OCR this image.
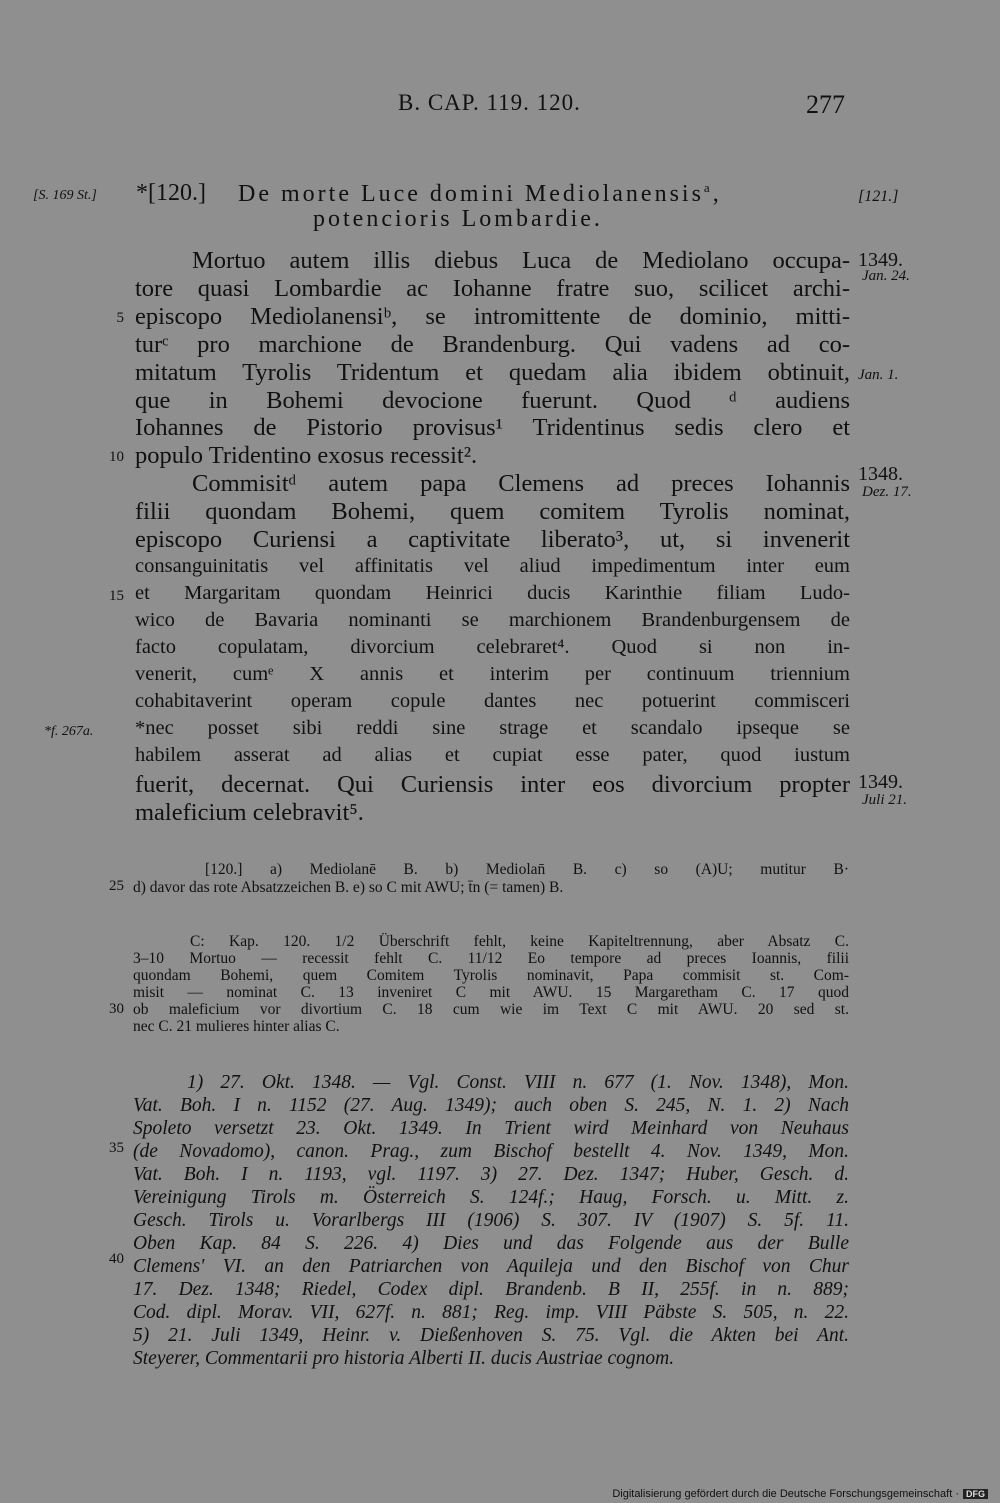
B. CAP. 119. 120.	277
[S. 169 St.] *[120.] De morte Luce domini Mediolanensis$^a$,	[121.]
potencioris Lombardie.
Mortuo autem illis diebus Luca de Mediolano occupa-
tore quasi Lombardie ac Iohanne fratre suo, scilicet archi-
episcopo Mediolanensiᵇ, se intromittente de dominio, mitti-
turᶜ pro marchione de Brandenburg. Qui vadens ad co-
mitatum Tyrolis Tridentum et quedam alia ibidem obtinuit,
que in Bohemi devocione fuerunt. Quod ᵈ audiens
Iohannes de Pistorio provisus¹ Tridentinus sedis clero et
populo Tridentino exosus recessit².
Commisitᵈ autem papa Clemens ad preces Iohannis
filii quondam Bohemi, quem comitem Tyrolis nominat,
episcopo Curiensi a captivitate liberato³, ut, si invenerit
consanguinitatis vel affinitatis vel aliud impedimentum inter eum
et Margaritam quondam Heinrici ducis Karinthie filiam Ludo-
wico de Bavaria nominanti se marchionem Brandenburgensem de
facto copulatam, divorcium celebraret⁴. Quod si non in-
venerit, cumᵉ X annis et interim per continuum triennium
cohabitaverint operam copule dantes nec potuerint commisceri
*nec posset sibi reddi sine strage et scandalo ipseque se
habilem asserat ad alias et cupiat esse pater, quod iustum
fuerit, decernat. Qui Curiensis inter eos divorcium propter
maleficium celebravit⁵.
5
10
15
25
30
35
40
*f. 267a.
1349.
Jan. 24.
Jan. 1.
1348.
Dez. 17.
1349.
Juli 21.
[120.] a) Mediolanē B. b) Mediolan̄ B. c) so (A)U; mutitur B·
d) davor das rote Absatzzeichen B. e) so C mit AWU; t̄n (= tamen) B.
C: Kap. 120. 1/2 Überschrift fehlt, keine Kapiteltrennung, aber Absatz C.
3–10 Mortuo — recessit fehlt C. 11/12 Eo tempore ad preces Ioannis, filii
quondam Bohemi, quem Comitem Tyrolis nominavit, Papa commisit st. Com-
misit — nominat C. 13 inveniret C mit AWU. 15 Margaretham C. 17 quod
ob maleficium vor divortium C. 18 cum wie im Text C mit AWU. 20 sed st.
nec C. 21 mulieres hinter alias C.
1) 27. Okt. 1348. — Vgl. Const. VIII n. 677 (1. Nov. 1348), Mon.
Vat. Boh. I n. 1152 (27. Aug. 1349); auch oben S. 245, N. 1. 2) Nach
Spoleto versetzt 23. Okt. 1349. In Trient wird Meinhard von Neuhaus
(de Novadomo), canon. Prag., zum Bischof bestellt 4. Nov. 1349, Mon.
Vat. Boh. I n. 1193, vgl. 1197. 3) 27. Dez. 1347; Huber, Gesch. d.
Vereinigung Tirols m. Österreich S. 124f.; Haug, Forsch. u. Mitt. z.
Gesch. Tirols u. Vorarlbergs III (1906) S. 307. IV (1907) S. 5f. 11.
Oben Kap. 84 S. 226. 4) Dies und das Folgende aus der Bulle
Clemens' VI. an den Patriarchen von Aquileja und den Bischof von Chur
17. Dez. 1348; Riedel, Codex dipl. Brandenb. B II, 255f. in n. 889;
Cod. dipl. Morav. VII, 627f. n. 881; Reg. imp. VIII Päbste S. 505, n. 22.
5) 21. Juli 1349, Heinr. v. Dießenhoven S. 75. Vgl. die Akten bei Ant.
Steyerer, Commentarii pro historia Alberti II. ducis Austriae cognom.
Digitalisierung gefördert durch die Deutsche Forschungsgemeinschaft · DFG
